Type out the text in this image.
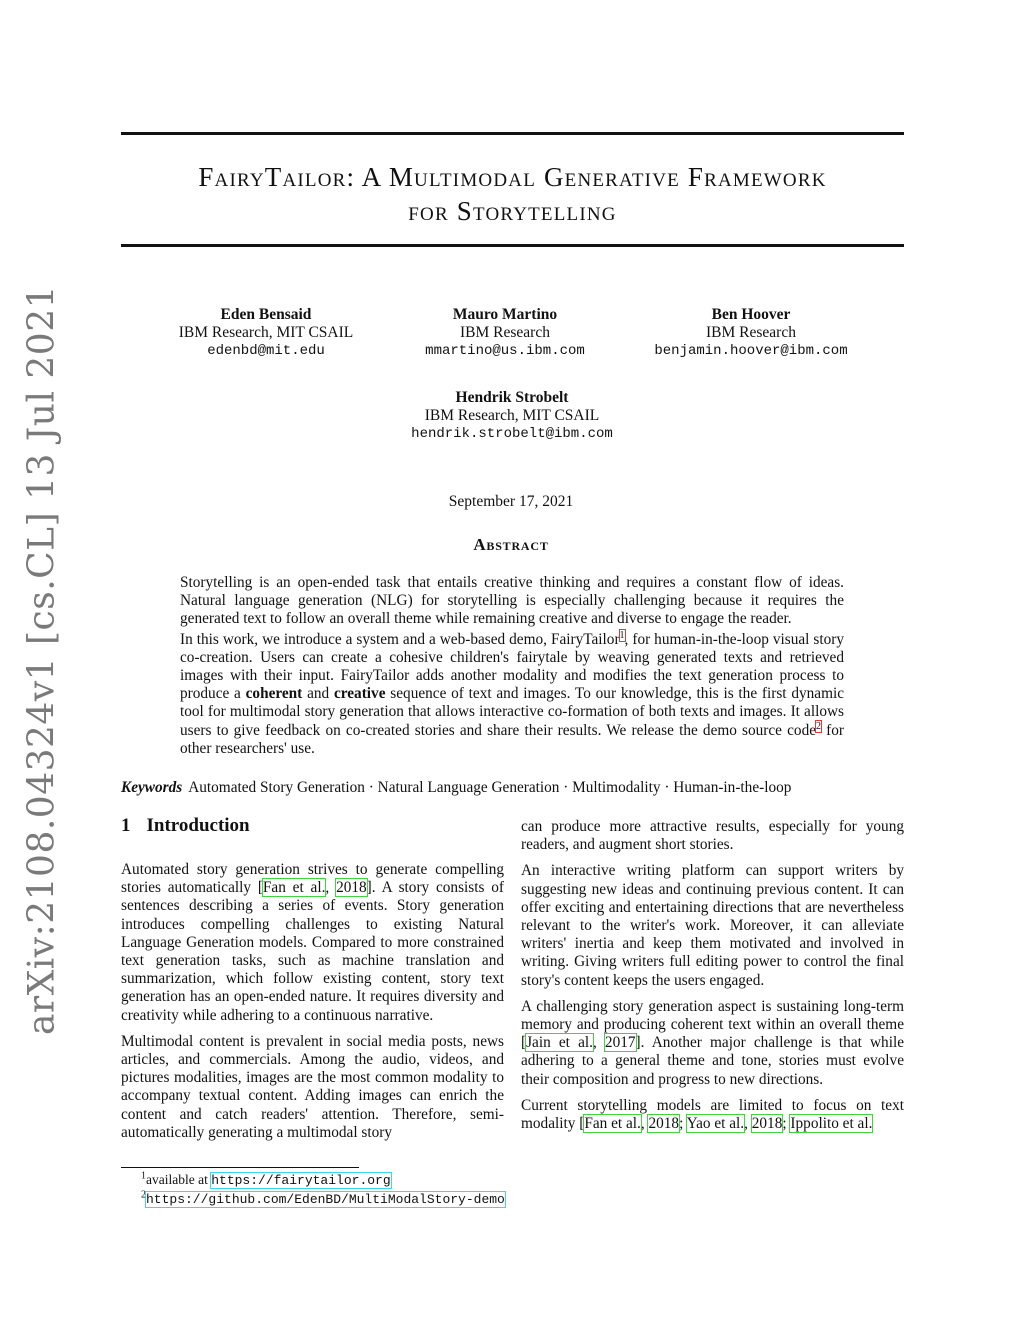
arXiv:2108.04324v1 [cs.CL] 13 Jul 2021
FairyTailor: A Multimodal Generative Framework
for Storytelling
Eden Bensaid
IBM Research, MIT CSAIL
edenbd@mit.edu
Mauro Martino
IBM Research
mmartino@us.ibm.com
Ben Hoover
IBM Research
benjamin.hoover@ibm.com
Hendrik Strobelt
IBM Research, MIT CSAIL
hendrik.strobelt@ibm.com
September 17, 2021
Abstract

Storytelling is an open-ended task that entails creative thinking and requires a constant flow of ideas. Natural language generation (NLG) for storytelling is especially challenging because it requires the generated text to follow an overall theme while remaining creative and diverse to engage the reader.

In this work, we introduce a system and a web-based demo, FairyTailor$^1$, for human-in-the-loop visual story co-creation. Users can create a cohesive children's fairytale by weaving generated texts and retrieved images with their input. FairyTailor adds another modality and modifies the text generation process to produce a coherent and creative sequence of text and images. To our knowledge, this is the first dynamic tool for multimodal story generation that allows interactive co-formation of both texts and images. It allows users to give feedback on co-created stories and share their results. We release the demo source code$^2$ for other researchers' use.

Keywords Automated Story Generation · Natural Language Generation · Multimodality · Human-in-the-loop
1 Introduction

Automated story generation strives to generate compelling stories automatically [Fan et al., 2018]. A story consists of sentences describing a series of events. Story generation introduces compelling challenges to existing Natural Language Generation models. Compared to more constrained text generation tasks, such as machine translation and summarization, which follow existing content, story text generation has an open-ended nature. It requires diversity and creativity while adhering to a continuous narrative.

Multimodal content is prevalent in social media posts, news articles, and commercials. Among the audio, videos, and pictures modalities, images are the most common modality to accompany textual content. Adding images can enrich the content and catch readers' attention. Therefore, semi-automatically generating a multimodal story

can produce more attractive results, especially for young readers, and augment short stories.

An interactive writing platform can support writers by suggesting new ideas and continuing previous content. It can offer exciting and entertaining directions that are nevertheless relevant to the writer's work. Moreover, it can alleviate writers' inertia and keep them motivated and involved in writing. Giving writers full editing power to control the final story's content keeps the users engaged.

A challenging story generation aspect is sustaining long-term memory and producing coherent text within an overall theme [Jain et al., 2017]. Another major challenge is that while adhering to a general theme and tone, stories must evolve their composition and progress to new directions.

Current storytelling models are limited to focus on text modality [Fan et al., 2018; Yao et al., 2018; Ippolito et al.

$^1$available at https://fairytailor.org
$^2$https://github.com/EdenBD/MultiModalStory-demo
